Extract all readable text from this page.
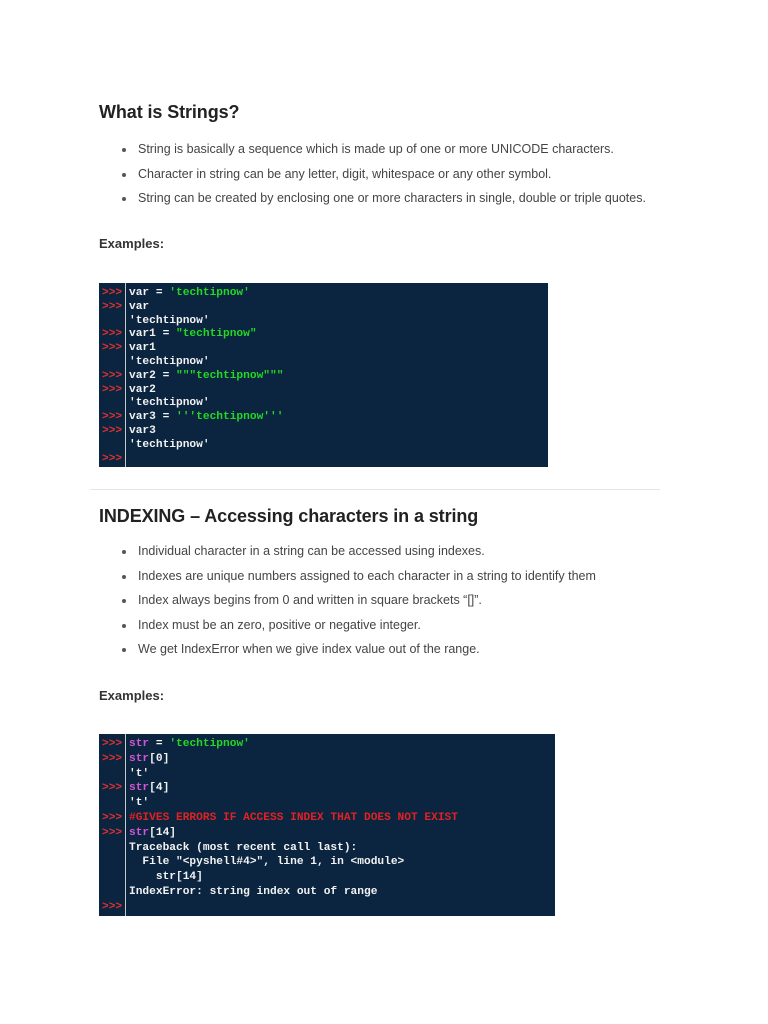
What is Strings?
String is basically a sequence which is made up of one or more UNICODE characters.
Character in string can be any letter, digit, whitespace or any other symbol.
String can be created by enclosing one or more characters in single, double or triple quotes.
Examples:
>>> var = 'techtipnow'
>>> var
'techtipnow'
>>> var1 = "techtipnow"
>>> var1
'techtipnow'
>>> var2 = """techtipnow"""
>>> var2
'techtipnow'
>>> var3 = '''techtipnow'''
>>> var3
'techtipnow'
>>>
INDEXING – Accessing characters in a string
Individual character in a string can be accessed using indexes.
Indexes are unique numbers assigned to each character in a string to identify them
Index always begins from 0 and written in square brackets “[]”.
Index must be an zero, positive or negative integer.
We get IndexError when we give index value out of the range.
Examples:
>>> str = 'techtipnow'
>>> str[0]
't'
>>> str[4]
't'
>>> #GIVES ERRORS IF ACCESS INDEX THAT DOES NOT EXIST
>>> str[14]
Traceback (most recent call last):
File "<pyshell#4>", line 1, in <module>
str[14]
IndexError: string index out of range
>>>
